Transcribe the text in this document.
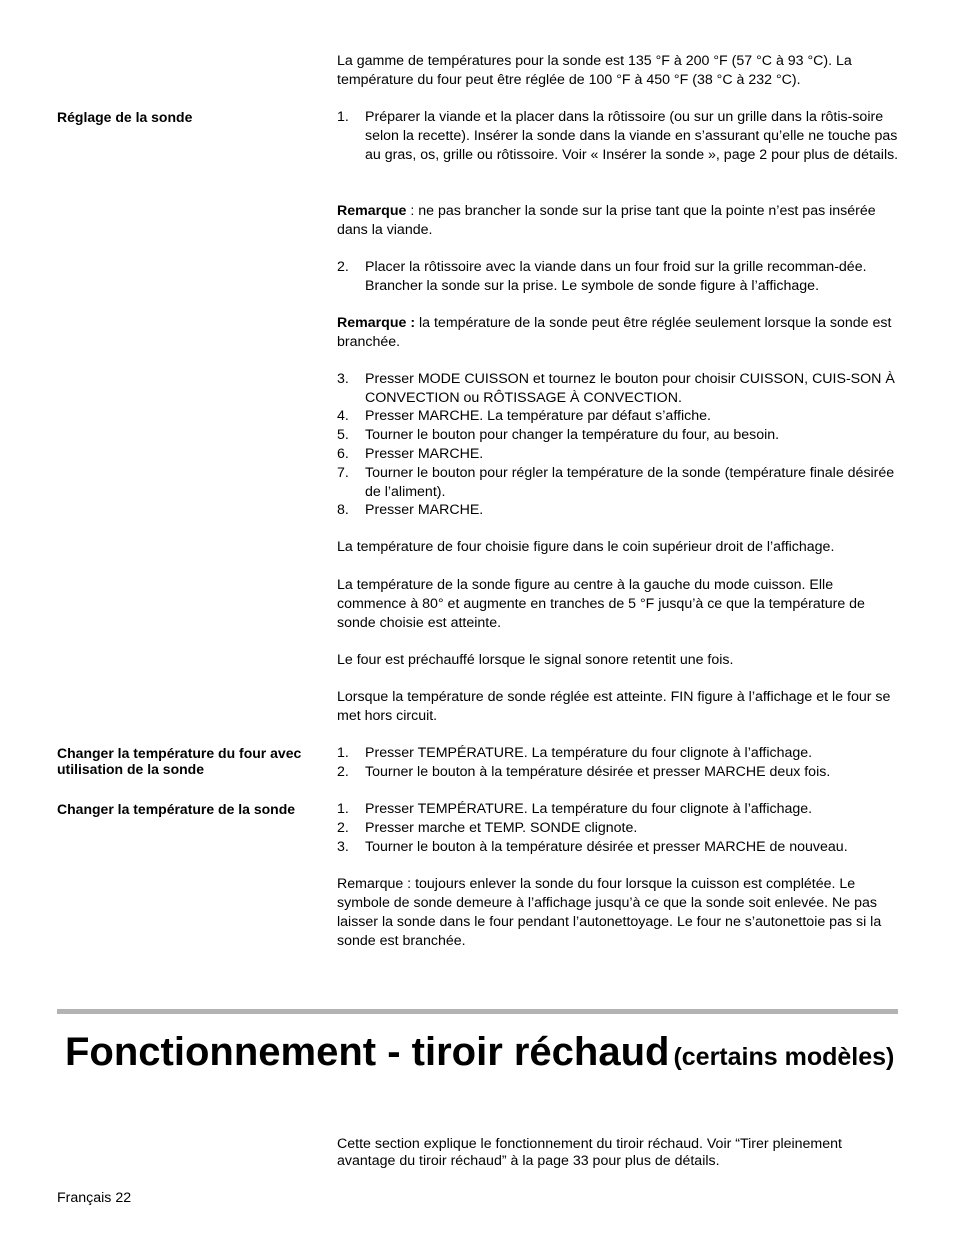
La gamme de températures pour la sonde est 135 °F à 200 °F (57 °C à 93 °C). La température du four peut être réglée de 100 °F à 450 °F (38 °C à 232 °C).

Réglage de la sonde	1.	Préparer la viande et la placer dans la rôtissoire (ou sur un grille dans la rôtis-soire selon la recette). Insérer la sonde dans la viande en s’assurant qu’elle ne touche pas au gras, os, grille ou rôtissoire. Voir « Insérer la sonde », page 2 pour plus de détails.

Remarque : ne pas brancher la sonde sur la prise tant que la pointe n’est pas insérée dans la viande.

2.	Placer la rôtissoire avec la viande dans un four froid sur la grille recomman-dée. Brancher la sonde sur la prise. Le symbole de sonde figure à l’affichage.

Remarque : la température de la sonde peut être réglée seulement lorsque la sonde est branchée.

3.	Presser MODE CUISSON et tournez le bouton pour choisir CUISSON, CUIS-SON À CONVECTION ou RÔTISSAGE À CONVECTION.
4.	Presser MARCHE. La température par défaut s’affiche.
5.	Tourner le bouton pour changer la température du four, au besoin.
6.	Presser MARCHE.
7.	Tourner le bouton pour régler la température de la sonde (température finale désirée de l’aliment).
8.	Presser MARCHE.

La température de four choisie figure dans le coin supérieur droit de l’affichage.

La température de la sonde figure au centre à la gauche du mode cuisson. Elle commence à 80° et augmente en tranches de 5 °F jusqu’à ce que la température de sonde choisie est atteinte.

Le four est préchauffé lorsque le signal sonore retentit une fois.

Lorsque la température de sonde réglée est atteinte. FIN figure à l’affichage et le four se met hors circuit.

Changer la température du four avec utilisation de la sonde
1.	Presser TEMPÉRATURE. La température du four clignote à l’affichage.
2.	Tourner le bouton à la température désirée et presser MARCHE deux fois.
Changer la température de la sonde	1.	Presser TEMPÉRATURE. La température du four clignote à l’affichage.
2.	Presser marche et TEMP. SONDE clignote.
3.	Tourner le bouton à la température désirée et presser MARCHE de nouveau.

Remarque : toujours enlever la sonde du four lorsque la cuisson est complétée. Le symbole de sonde demeure à l’affichage jusqu’à ce que la sonde soit enlevée. Ne pas laisser la sonde dans le four pendant l’autonettoyage. Le four ne s’autonettoie pas si la sonde est branchée.

Fonctionnement - tiroir réchaud (certains modèles)

Cette section explique le fonctionnement du tiroir réchaud. Voir “Tirer pleinement avantage du tiroir réchaud” à la page 33 pour plus de détails.

Français 22
